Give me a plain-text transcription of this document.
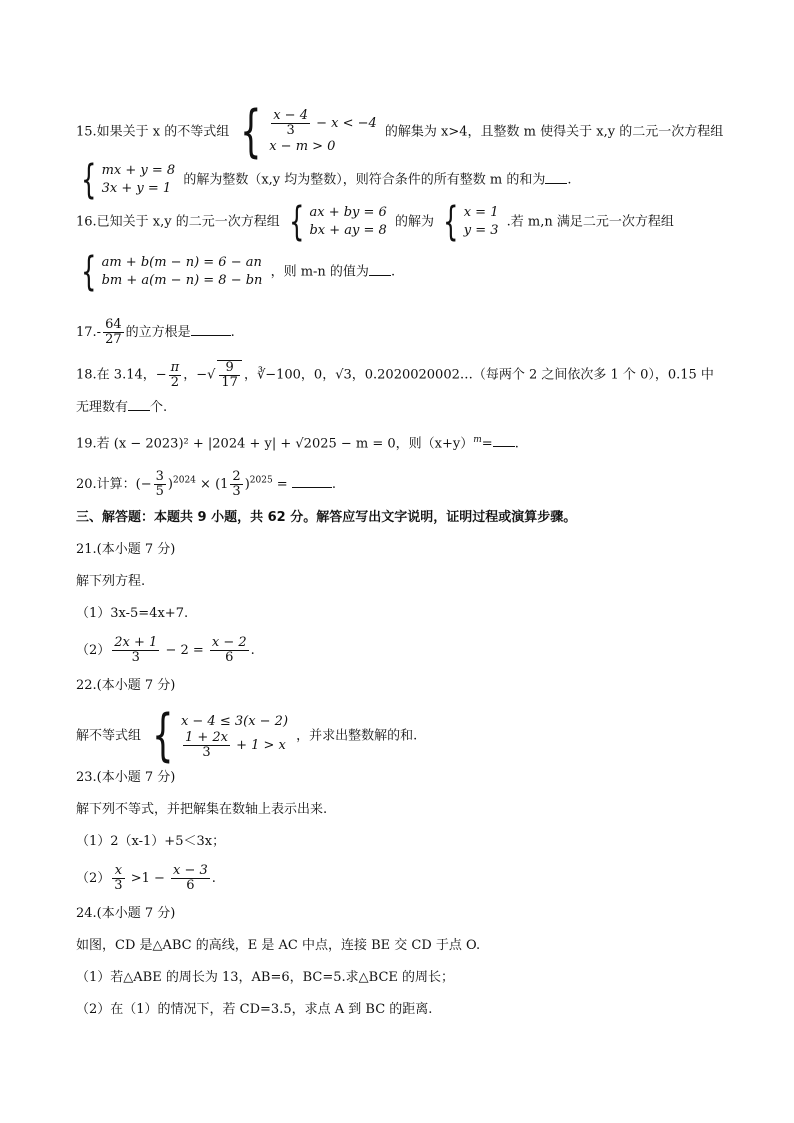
15.如果关于 x 的不等式组 { $\frac{x - 4}{3} - x < -4$
x − m > 0
的解集为 x>4，且整数 m 使得关于 x,y 的二元一次方程组
{ mx + y = 8
3x + y = 1
的解为整数（x,y 均为整数），则符合条件的所有整数 m 的和为 .
16.已知关于 x,y 的二元一次方程组 { ax + by = 6
bx + ay = 8
的解为 { x = 1
y = 3
.若 m,n 满足二元一次方程组
{ am + b(m − n) = 6 − an
bm + a(m − n) = 8 − bn
，则 m-n 的值为 .
$17.- \frac{64}{27}$ 的立方根是	.
18.在 3.14，− $\frac{\pi}{2}$ ，−√ $\frac{9}{17}$ ，∛−100，0，√3，0.2020020002…（每两个 2 之间依次多 1 个 0），0.15 中
无理数有 个.
19.若 (x − 2023)² + |2024 + y| + √2025 − m = 0，则$(x+y)^m=$ .
20.计算：(− $\frac{3}{5} )^{2024} \times (1 \frac{2}{3} )^{2025}$ =	.
三、解答题：本题共 9 小题，共 62 分。解答应写出文字说明，证明过程或演算步骤。
21.(本小题 7 分)
解下列方程.
（1）3x-5=4x+7.
$(2) \frac{2x + 1}{3} - 2 = \frac{x - 2}{6}$ .
22.(本小题 7 分)
解不等式组 { x − 4 ≤ 3(x − 2)
$\frac{1 + 2x}{3} + 1 > x$
，并求出整数解的和.
23.(本小题 7 分)
解下列不等式，并把解集在数轴上表示出来.
（1）2（x-1）+5＜3x；
$(2) \frac{x}{3} >1 - \frac{x - 3}{6}$ .
24.(本小题 7 分)
如图，CD 是△ABC 的高线，E 是 AC 中点，连接 BE 交 CD 于点 O.
（1）若△ABE 的周长为 13，AB=6，BC=5.求△BCE 的周长；
（2）在（1）的情况下，若 CD=3.5，求点 A 到 BC 的距离.
